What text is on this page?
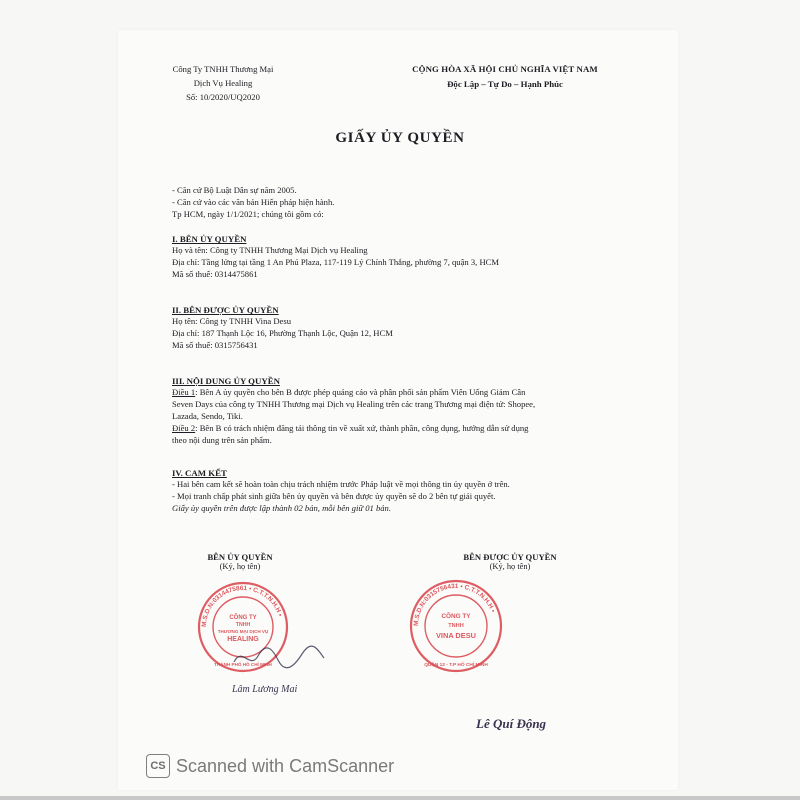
Công Ty TNHH Thương Mại
Dịch Vụ Healing
Số: 10/2020/UQ2020
CỘNG HÒA XÃ HỘI CHỦ NGHĨA VIỆT NAM
Độc Lập – Tự Do – Hạnh Phúc
GIẤY ỦY QUYỀN
- Căn cứ Bộ Luật Dân sự năm 2005.
- Căn cứ vào các văn bản Hiến pháp hiện hành.
Tp HCM, ngày 1/1/2021; chúng tôi gồm có:
I. BÊN ỦY QUYỀN
Họ và tên: Công ty TNHH Thương Mại Dịch vụ Healing
Địa chỉ: Tầng lửng tại tầng 1 An Phú Plaza, 117-119 Lý Chính Thắng, phường 7, quận 3, HCM
Mã số thuế: 0314475861
II. BÊN ĐƯỢC ỦY QUYỀN
Họ tên: Công ty TNHH Vina Desu
Địa chỉ: 187 Thạnh Lộc 16, Phường Thạnh Lộc, Quận 12, HCM
Mã số thuế: 0315756431
III. NỘI DUNG ỦY QUYỀN
Điều 1: Bên A ủy quyền cho bên B được phép quảng cáo và phân phối sản phẩm Viên Uống Giảm Cân
Seven Days của công ty TNHH Thương mại Dịch vụ Healing trên các trang Thương mại điện tử: Shopee,
Lazada, Sendo, Tiki.
Điều 2: Bên B có trách nhiệm đăng tải thông tin về xuất xứ, thành phần, công dụng, hướng dẫn sử dụng
theo nội dung trên sản phẩm.
IV. CAM KẾT
- Hai bên cam kết sẽ hoàn toàn chịu trách nhiệm trước Pháp luật về mọi thông tin ủy quyền ở trên.
- Mọi tranh chấp phát sinh giữa bên ủy quyền và bên được ủy quyền sẽ do 2 bên tự giải quyết.
Giấy ủy quyền trên được lập thành 02 bản, mỗi bên giữ 01 bản.
BÊN ỦY QUYỀN
(Ký, họ tên)
BÊN ĐƯỢC ỦY QUYỀN
(Ký, họ tên)
M.S.D.N:0314475861 • C.T.T.N.H.H •
CÔNG TY
TNHH
THƯƠNG MẠI DỊCH VỤ
HEALING
THÀNH PHỐ HỒ CHÍ MINH
Lâm Lương Mai
M.S.D.N:0315756431 • C.T.T.N.H.H •
CÔNG TY
TNHH
VINA DESU
QUẬN 12 - T.P HỒ CHÍ MINH
Lê Quí Động
CS Scanned with CamScanner
